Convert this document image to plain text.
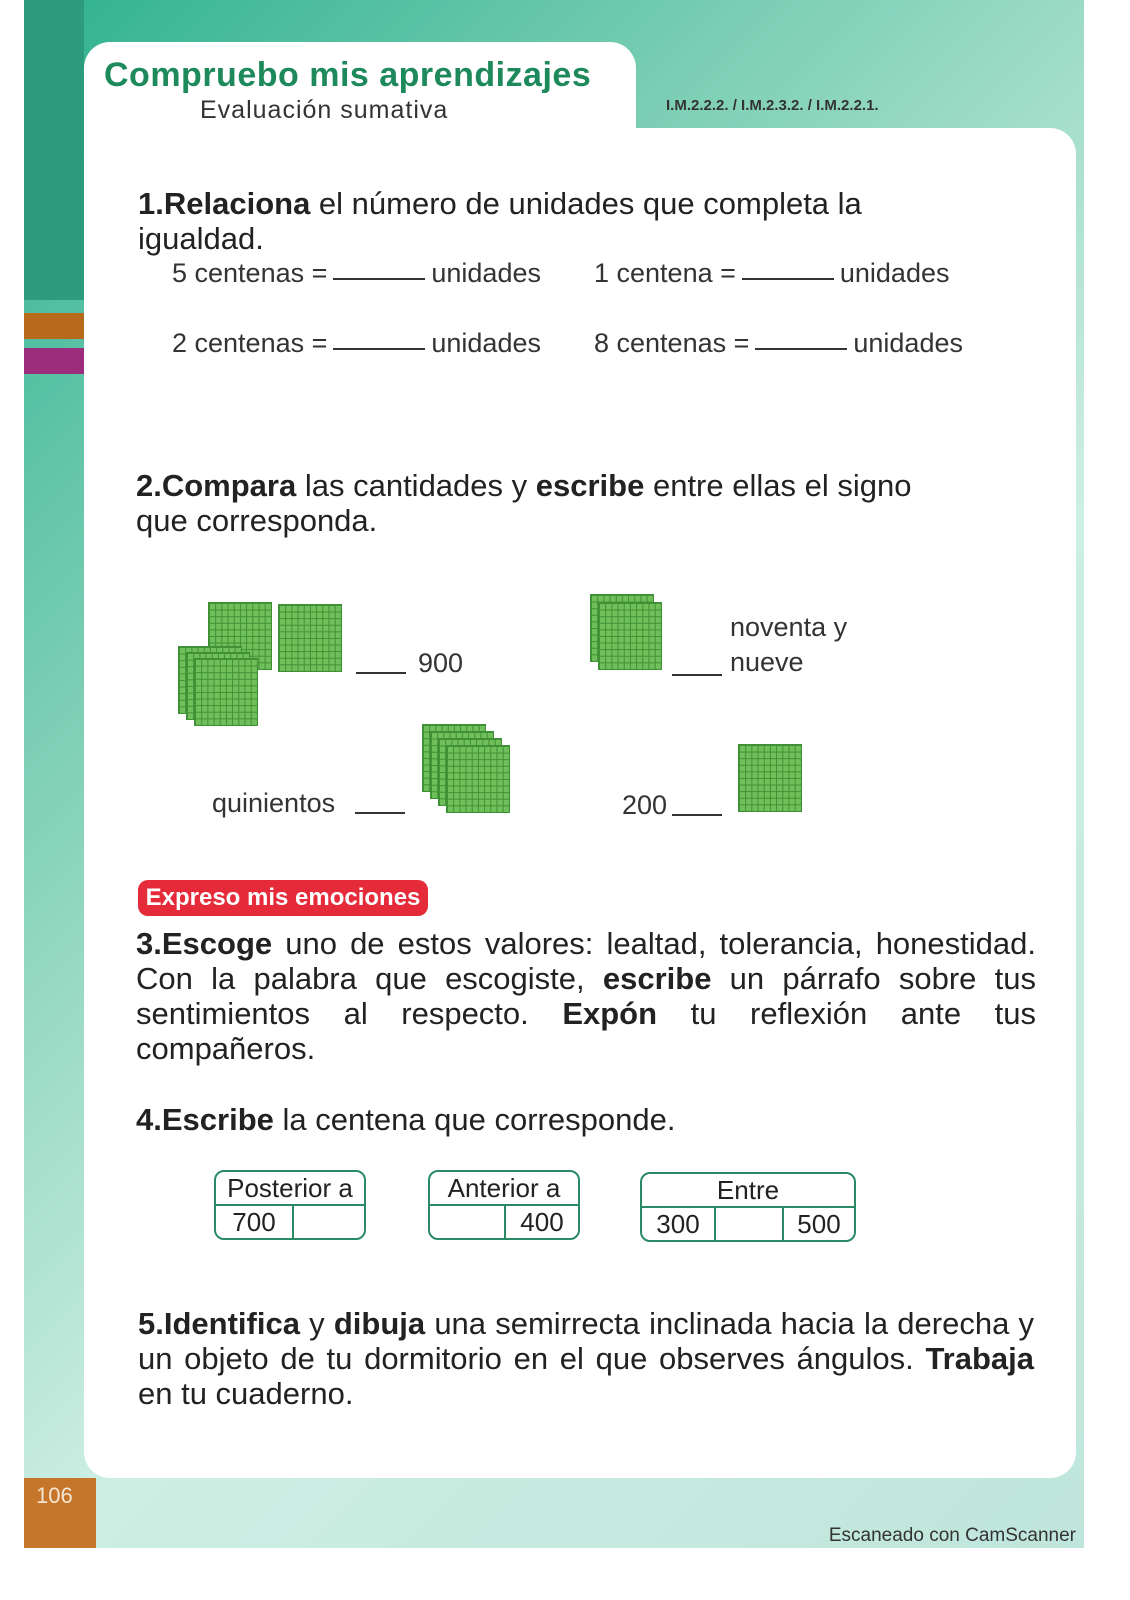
106
Compruebo mis aprendizajes
Evaluación sumativa	I.M.2.2.2. / I.M.2.3.2. / I.M.2.2.1.
1.Relaciona el número de unidades que completa la igualdad.
5 centenas =	unidades 1 centena =	unidades
2 centenas =	unidades 8 centenas =	unidades
2.Compara las cantidades y escribe entre ellas el signo que corresponda.
900
noventa y
nueve
quinientos	200
Expreso mis emociones
3.Escoge uno de estos valores: lealtad, tolerancia, honestidad. Con la palabra que escogiste, escribe un párrafo sobre tus sentimientos al respecto. Expón tu reflexión ante tus compañeros.
4.Escribe la centena que corresponde.
Posterior a
700
Anterior a
400
Entre
300	500
5.Identifica y dibuja una semirrecta inclinada hacia la derecha y un objeto de tu dormitorio en el que observes ángulos. Trabaja en tu cuaderno.
Escaneado con CamScanner
